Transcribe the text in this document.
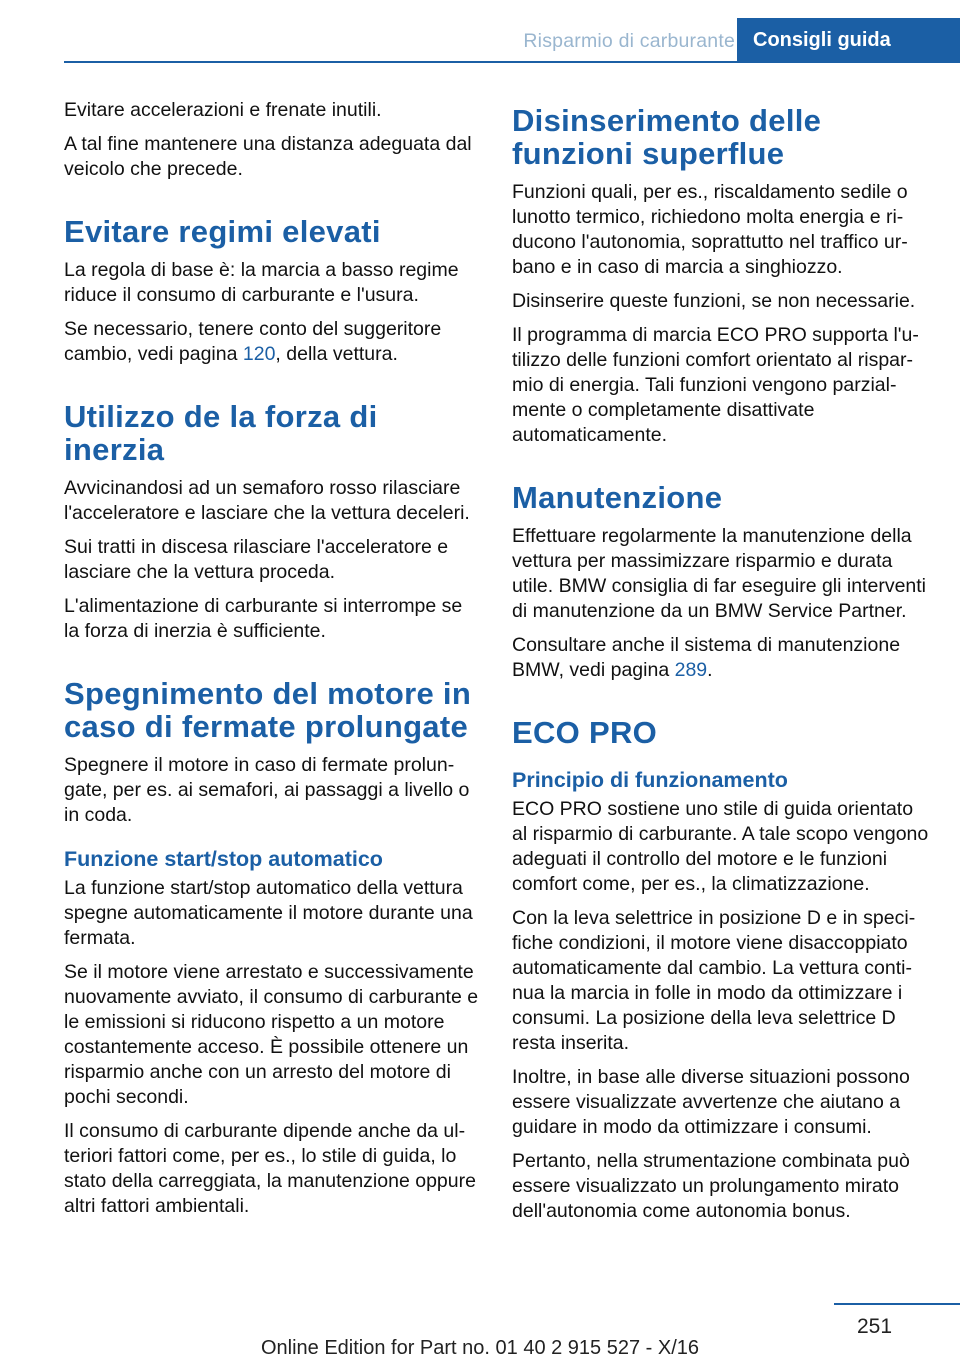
Risparmio di carburante Consigli guida

Evitare accelerazioni e frenate inutili.

A tal fine mantenere una distanza adeguata dal veicolo che precede.

Evitare regimi elevati

La regola di base è: la marcia a basso regime riduce il consumo di carburante e l'usura.

Se necessario, tenere conto del suggeritore cambio, vedi pagina 120, della vettura.

Utilizzo de la forza di inerzia

Avvicinandosi ad un semaforo rosso rilasciare l'acceleratore e lasciare che la vettura deceleri.

Sui tratti in discesa rilasciare l'acceleratore e lasciare che la vettura proceda.

L'alimentazione di carburante si interrompe se la forza di inerzia è sufficiente.

Spegnimento del motore in caso di fermate prolungate

Spegnere il motore in caso di fermate prolungate, per es. ai semafori, ai passaggi a livello o in coda.

Funzione start/stop automatico

La funzione start/stop automatico della vettura spegne automaticamente il motore durante una fermata.

Se il motore viene arrestato e successivamente nuovamente avviato, il consumo di carburante e le emissioni si riducono rispetto a un motore costantemente acceso. È possibile ottenere un risparmio anche con un arresto del motore di pochi secondi.

Il consumo di carburante dipende anche da ulteriori fattori come, per es., lo stile di guida, lo stato della carreggiata, la manutenzione oppure altri fattori ambientali.

Disinserimento delle funzioni superflue

Funzioni quali, per es., riscaldamento sedile o lunotto termico, richiedono molta energia e riducono l'autonomia, soprattutto nel traffico urbano e in caso di marcia a singhiozzo.

Disinserire queste funzioni, se non necessarie.

Il programma di marcia ECO PRO supporta l'utilizzo delle funzioni comfort orientato al risparmio di energia. Tali funzioni vengono parzialmente o completamente disattivate automaticamente.

Manutenzione

Effettuare regolarmente la manutenzione della vettura per massimizzare risparmio e durata utile. BMW consiglia di far eseguire gli interventi di manutenzione da un BMW Service Partner.

Consultare anche il sistema di manutenzione BMW, vedi pagina 289.

ECO PRO
Principio di funzionamento

ECO PRO sostiene uno stile di guida orientato al risparmio di carburante. A tale scopo vengono adeguati il controllo del motore e le funzioni comfort come, per es., la climatizzazione.

Con la leva selettrice in posizione D e in specifiche condizioni, il motore viene disaccoppiato automaticamente dal cambio. La vettura continua la marcia in folle in modo da ottimizzare i consumi. La posizione della leva selettrice D resta inserita.

Inoltre, in base alle diverse situazioni possono essere visualizzate avvertenze che aiutano a guidare in modo da ottimizzare i consumi.

Pertanto, nella strumentazione combinata può essere visualizzato un prolungamento mirato dell'autonomia come autonomia bonus.

251
Online Edition for Part no. 01 40 2 915 527 - X/16
